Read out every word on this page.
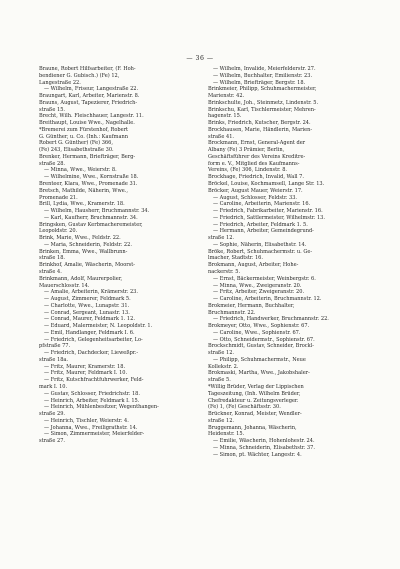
— 36 —
Braune, Robert Hilfsarbeiter, (F. Hoh-
bendiener G. Gubisch.) (Fe) 12,
Langestraße 22.
— Wilhelm, Friseur, Langestraße 22.
Braungart, Karl, Arbeiter, Marienstr. 8.
Brauns, August, Tapezierer, Friedrich-
straße 15.
Brecht, Wilh. Fleischhauer, Langestr. 11.
Breithaupt, Louise Wwe., Nagelhalle.
*Bremerei zum Fürstenhof, Robert
G. Günther, u. Co. (Inh.: Kaufmann
Robert G. Günther) (Fe) 366,
(Fe) 243, Elisabethstraße 30.
Brenker, Hermann, Briefträger, Berg-
straße 28.
— Minna, Wwe., Weierstr. 8.
— Wilhelmine, Wwe., Kornstraße 18.
Brenteer, Klara, Wwe., Promenade 31.
Bretsch, Mathilde, Näherin, Wwe.,
Promenade 21.
Brill, Lydia, Wwe., Kramerstr. 18.
— Wilhelm, Hausherr, Bruchmannstr. 34.
— Karl, Kaufherr, Bruchmannstr. 34.
Bringsken, Gustav Kerbmacheremeister,
Leopoldstr. 20.
Brink, Marie, Wwe., Feldstr. 22.
— Maria, Schneiderin, Feldstr. 22.
Brinken, Emma, Wwe., Wallbrunn-
straße 18.
Brinkhof, Amalie, Wäscherin, Moorst-
straße 4.
Brinkmann, Adolf, Maurerpolier,
Mauerschlosstr. 14.
— Amalie, Arbeiterin, Krämerstr. 23.
— August, Zimmerer, Feldmark 5.
— Charlotte, Wwe., Lunapstr. 31.
— Conrad, Sergeant, Lunastr. 13.
— Conrad, Maurer, Feldmark 1. 12.
— Eduard, Malermeister, N. Leopoldstr. 1.
— Emil, Handlanger, Feldmark I. 6.
— Friedrich, Gelegenheitsarbeiter, Lo-
pfstraße 77.
— Friedrich, Dachdecker, Lieweßpr.-
straße 18a.
— Fritz, Maurer, Kramerstr. 18.
— Fritz, Maurer, Feldmark I. 10.
— Fritz, Kutschfrachtfuhrwerker, Feld-
mark I. 10.
— Gustav, Schlosser, Friedrichstr. 18.
— Heinrich, Arbeiter, Feldmark I. 15.
— Heinrich, Mühlenbesitzer, Wegenthangen-
straße 29.
— Heinrich, Tischler, Weierstr. 4.
— Johanna, Wwe., Freiligrathstr. 14.
— Simon, Zimmermeister, Meierfelder-
straße 27.
— Wilhelm, Invalide, Meierfelderstr. 27.
— Wilhelm, Buchhalter, Emilienstr. 23.
— Wilhelm, Briefträger, Bergstr. 18.
Brinkmeier, Philipp, Schuhmachermeister,
Marienstr. 42.
Brinkschulte, Joh., Steinmetz, Lindenstr. 5.
Brinkschu, Karl, Tischlermeister, Mehren-
hagenstr. 15.
Brinks, Friedrich, Kutscher, Bergstr. 24.
Brockhausen, Marie, Händlerin, Marien-
straße 41.
Brockmann, Ernst, General-Agent der
Albany (Fe) 3 Prämier, Berlin,
Geschäftsführer des Vereins Kreditre-
form e. V., Mitglied des Kaufmanns-
Vereins, (Fe) 306, Lindenstr. 8.
Brockhage, Friedrich, Invalid, Wall 7.
Bröckel, Louise, Kochmamsell, Lange Str. 13.
Bröcker, August Mauer, Weierstr. 17.
— August, Schlosser, Feldstr. 33.
— Caroline, Arbeiterin, Marienstr. 16.
— Friedrich, Fabrikarbeiter, Marienstr. 16.
— Friedrich, Sattlermeister, Wilhelmstr. 13.
— Friedrich, Arbeiter, Feldmark 1. 5.
— Hermann, Arbeiter, Gemeindegrund-
straße 12.
— Sophie, Näherin, Elisabethstr. 14.
Bröke, Robert, Schuhmachermstr. u. Ge-
lmacher, Stadtstr. 16.
Brokmann, August, Arbeiter, Hohe-
nackerstr. 5.
— Ernst, Bäckermeister, Weinbergstr. 6.
— Minna, Wwe., Zweigeranstr. 20.
— Fritz, Arbeiter, Zweigeranstr. 20.
— Caroline, Arbeiterin, Bruchmannstr. 12.
Brokmeier, Hermann, Buchhalter,
Bruchmannstr. 22.
— Friedrich, Handwerker, Bruchmannstr. 22.
Brokmeyer, Otto, Wwe., Sophienstr. 67.
— Caroline, Wwe., Sophienstr. 67.
— Otto, Schneidermstr., Sophienstr. 67.
Brockschmidt, Gustav, Schneider, Brockl-
straße 12.
— Philipp, Schuhmachermstr., Neue
Kollekstr. 2.
Brokmaski, Martha, Wwe., Jakobshaler-
straße 5.
*Willig Brüder, Verlag der Lippischen
Tageszeitung, (Inh. Wilhelm Brüder,
Chefredakteur u. Zeitungsverleger.
(Fe) 1, (Fe) Geschäftsstr. 30.
Brückner, Konrad, Meister, Wendler-
straße 12.
Bruggemann, Johanna, Wäscherin,
Heidenstr. 15.
— Emilie, Wäscherin, Hohenlohestr. 24.
— Minna, Schneiderin, Elisabethstr. 37.
— Simon, pt. Wächter, Langestr. 4.
